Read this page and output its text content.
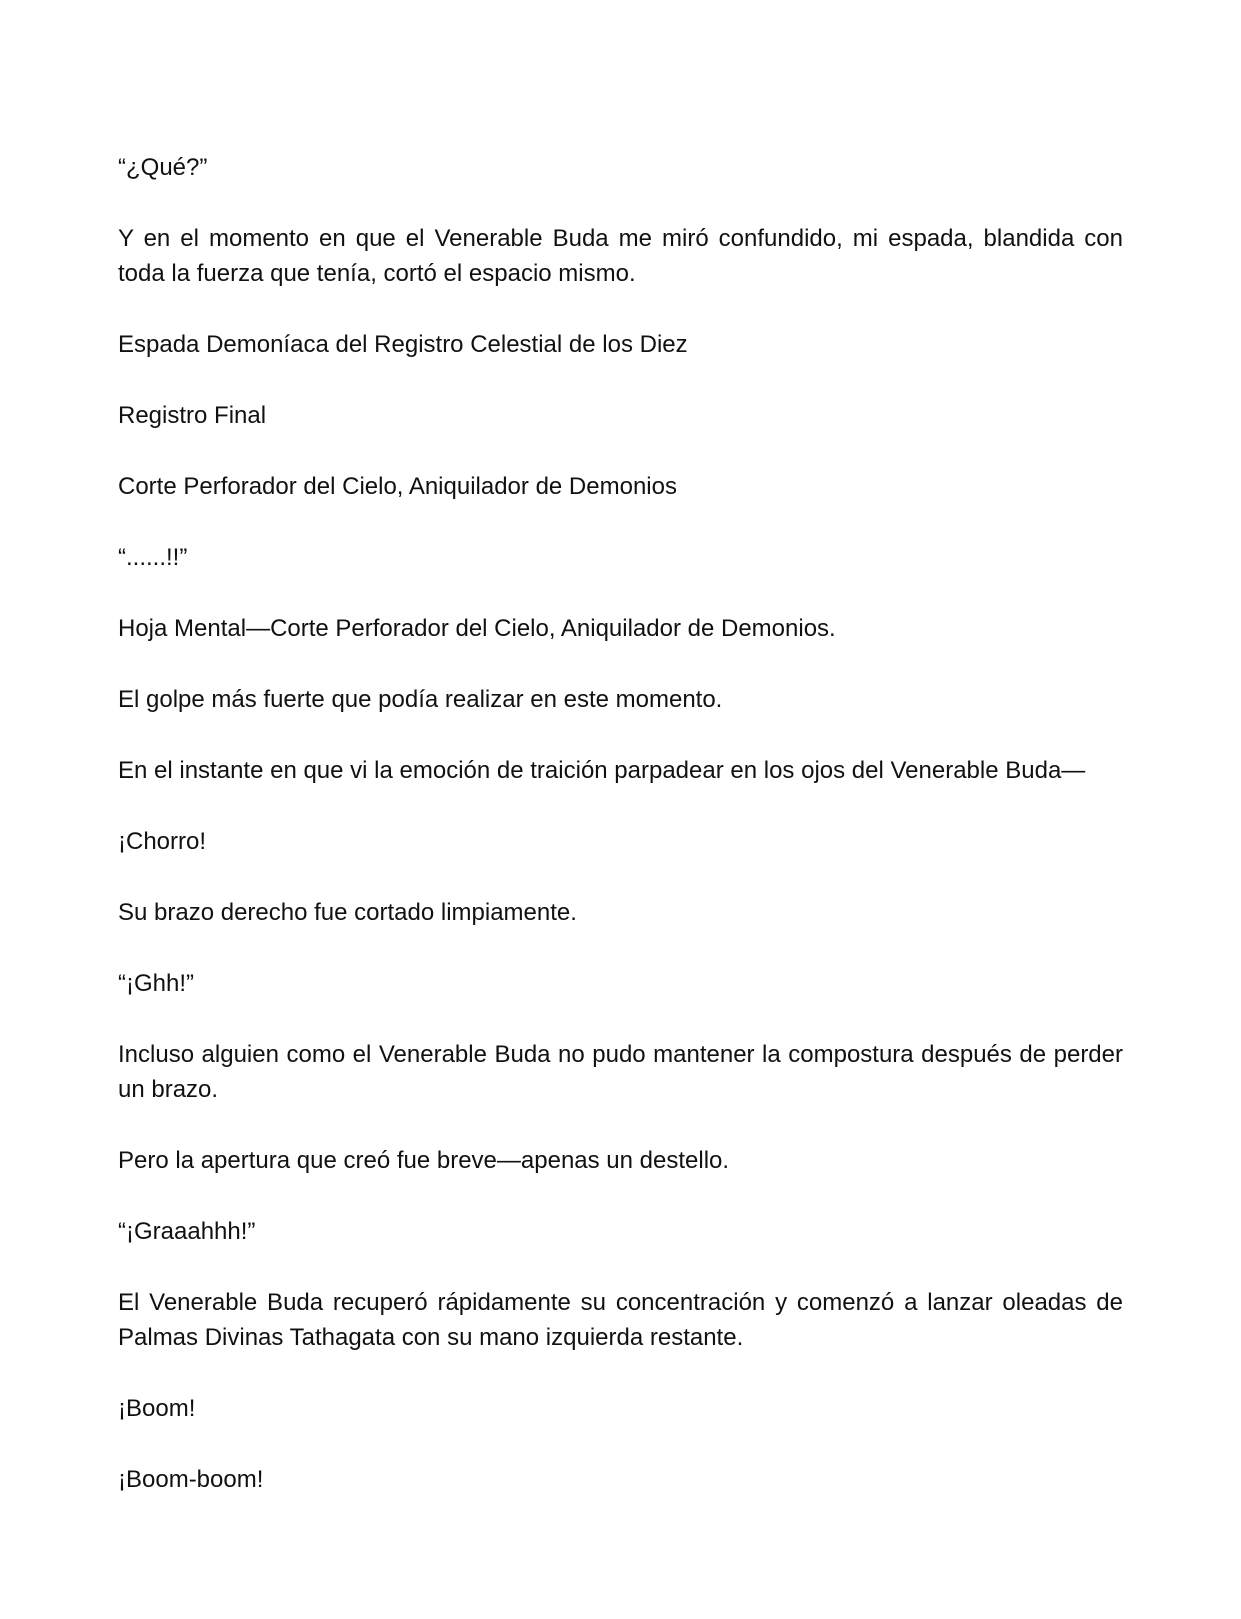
“¿Qué?”

Y en el momento en que el Venerable Buda me miró confundido, mi espada, blandida con toda la fuerza que tenía, cortó el espacio mismo.

Espada Demoníaca del Registro Celestial de los Diez

Registro Final

Corte Perforador del Cielo, Aniquilador de Demonios

“......!!”

Hoja Mental—Corte Perforador del Cielo, Aniquilador de Demonios.

El golpe más fuerte que podía realizar en este momento.

En el instante en que vi la emoción de traición parpadear en los ojos del Venerable Buda—

¡Chorro!

Su brazo derecho fue cortado limpiamente.

“¡Ghh!”

Incluso alguien como el Venerable Buda no pudo mantener la compostura después de perder un brazo.

Pero la apertura que creó fue breve—apenas un destello.

“¡Graaahhh!”

El Venerable Buda recuperó rápidamente su concentración y comenzó a lanzar oleadas de Palmas Divinas Tathagata con su mano izquierda restante.

¡Boom!

¡Boom-boom!
